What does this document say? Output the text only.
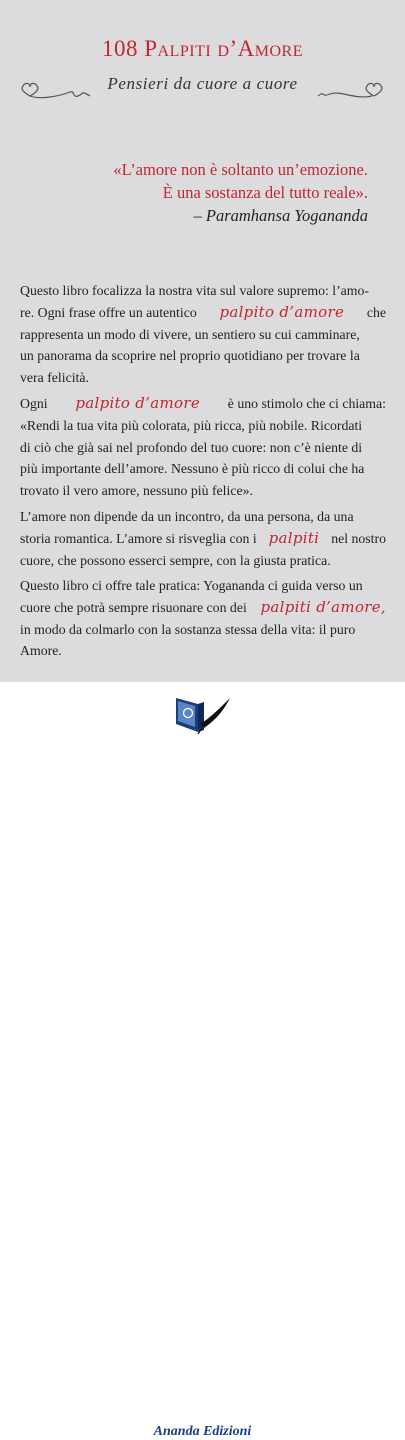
108 Palpiti d’Amore
Pensieri da cuore a cuore
«L’amore non è soltanto un’emozione.
È una sostanza del tutto reale».
– Paramhansa Yogananda
Questo libro focalizza la nostra vita sul valore supremo: l’amo-
re. Ogni frase offre un autentico palpito d’amore che
rappresenta un modo di vivere, un sentiero su cui camminare,
un panorama da scoprire nel proprio quotidiano per trovare la
vera felicità.
Ogni palpito d’amore è uno stimolo che ci chiama:
«Rendi la tua vita più colorata, più ricca, più nobile. Ricordati
di ciò che già sai nel profondo del tuo cuore: non c’è niente di
più importante dell’amore. Nessuno è più ricco di colui che ha
trovato il vero amore, nessuno più felice».
L’amore non dipende da un incontro, da una persona, da una
storia romantica. L’amore si risveglia con i palpiti nel nostro
cuore, che possono esserci sempre, con la giusta pratica.
Questo libro ci offre tale pratica: Yogananda ci guida verso un
cuore che potrà sempre risuonare con dei palpiti d’amore,
in modo da colmarlo con la sostanza stessa della vita: il puro
Amore.
Ananda Edizioni
